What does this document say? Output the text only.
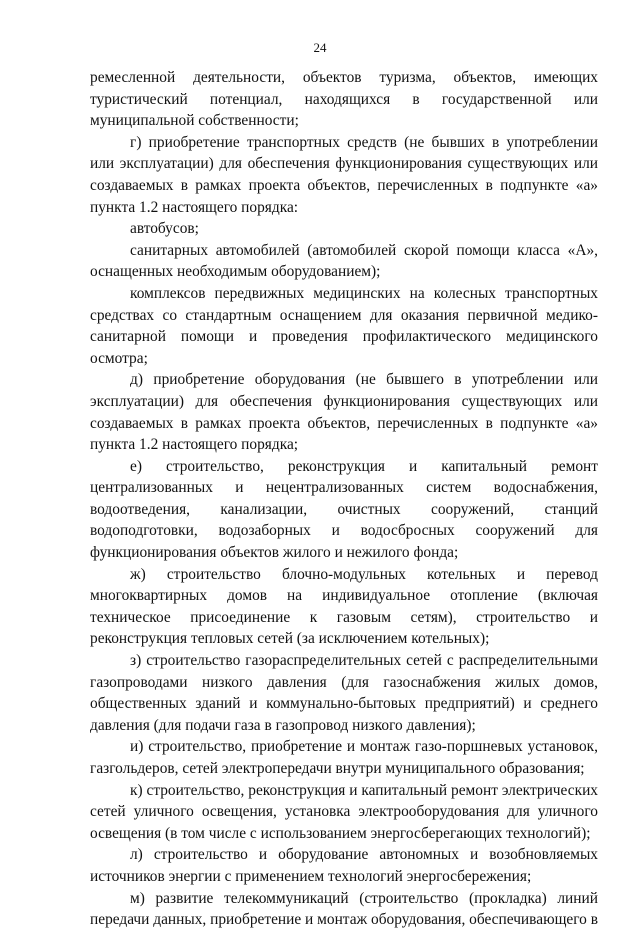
24

ремесленной деятельности, объектов туризма, объектов, имеющих туристический потенциал, находящихся в государственной или муниципальной собственности;

г) приобретение транспортных средств (не бывших в употреблении или эксплуатации) для обеспечения функционирования существующих или создаваемых в рамках проекта объектов, перечисленных в подпункте «а» пункта 1.2 настоящего порядка:

автобусов;

санитарных автомобилей (автомобилей скорой помощи класса «А», оснащенных необходимым оборудованием);

комплексов передвижных медицинских на колесных транспортных средствах со стандартным оснащением для оказания первичной медико-санитарной помощи и проведения профилактического медицинского осмотра;

д) приобретение оборудования (не бывшего в употреблении или эксплуатации) для обеспечения функционирования существующих или создаваемых в рамках проекта объектов, перечисленных в подпункте «а» пункта 1.2 настоящего порядка;

е) строительство, реконструкция и капитальный ремонт централизованных и нецентрализованных систем водоснабжения, водоотведения, канализации, очистных сооружений, станций водоподготовки, водозаборных и водосбросных сооружений для функционирования объектов жилого и нежилого фонда;

ж) строительство блочно-модульных котельных и перевод многоквартирных домов на индивидуальное отопление (включая техническое присоединение к газовым сетям), строительство и реконструкция тепловых сетей (за исключением котельных);

з) строительство газораспределительных сетей с распределительными газопроводами низкого давления (для газоснабжения жилых домов, общественных зданий и коммунально-бытовых предприятий) и среднего давления (для подачи газа в газопровод низкого давления);

и) строительство, приобретение и монтаж газо-поршневых установок, газгольдеров, сетей электропередачи внутри муниципального образования;

к) строительство, реконструкция и капитальный ремонт электрических сетей уличного освещения, установка электрооборудования для уличного освещения (в том числе с использованием энергосберегающих технологий);

л) строительство и оборудование автономных и возобновляемых источников энергии с применением технологий энергосбережения;

м) развитие телекоммуникаций (строительство (прокладка) линий передачи данных, приобретение и монтаж оборудования, обеспечивающего в
